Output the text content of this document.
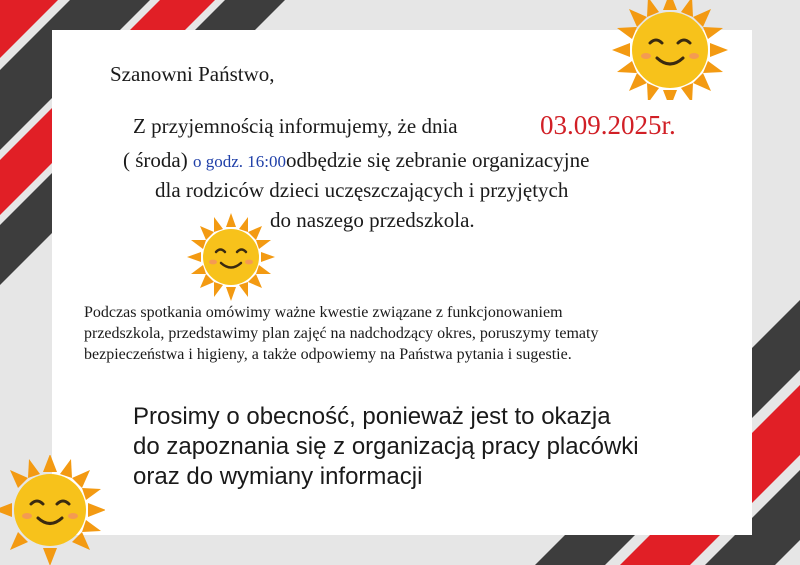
Szanowni Państwo,
Z przyjemnością informujemy, że dnia	03.09.2025r.
( środa) o godz. 16:00odbędzie się zebranie organizacyjne
dla rodziców dzieci uczęszczających i przyjętych
do naszego przedszkola.
Podczas spotkania omówimy ważne kwestie związane z funkcjonowaniem
przedszkola, przedstawimy plan zajęć na nadchodzący okres, poruszymy tematy
bezpieczeństwa i higieny, a także odpowiemy na Państwa pytania i sugestie.
Prosimy o obecność, ponieważ jest to okazja
do zapoznania się z organizacją pracy placówki
oraz do wymiany informacji
